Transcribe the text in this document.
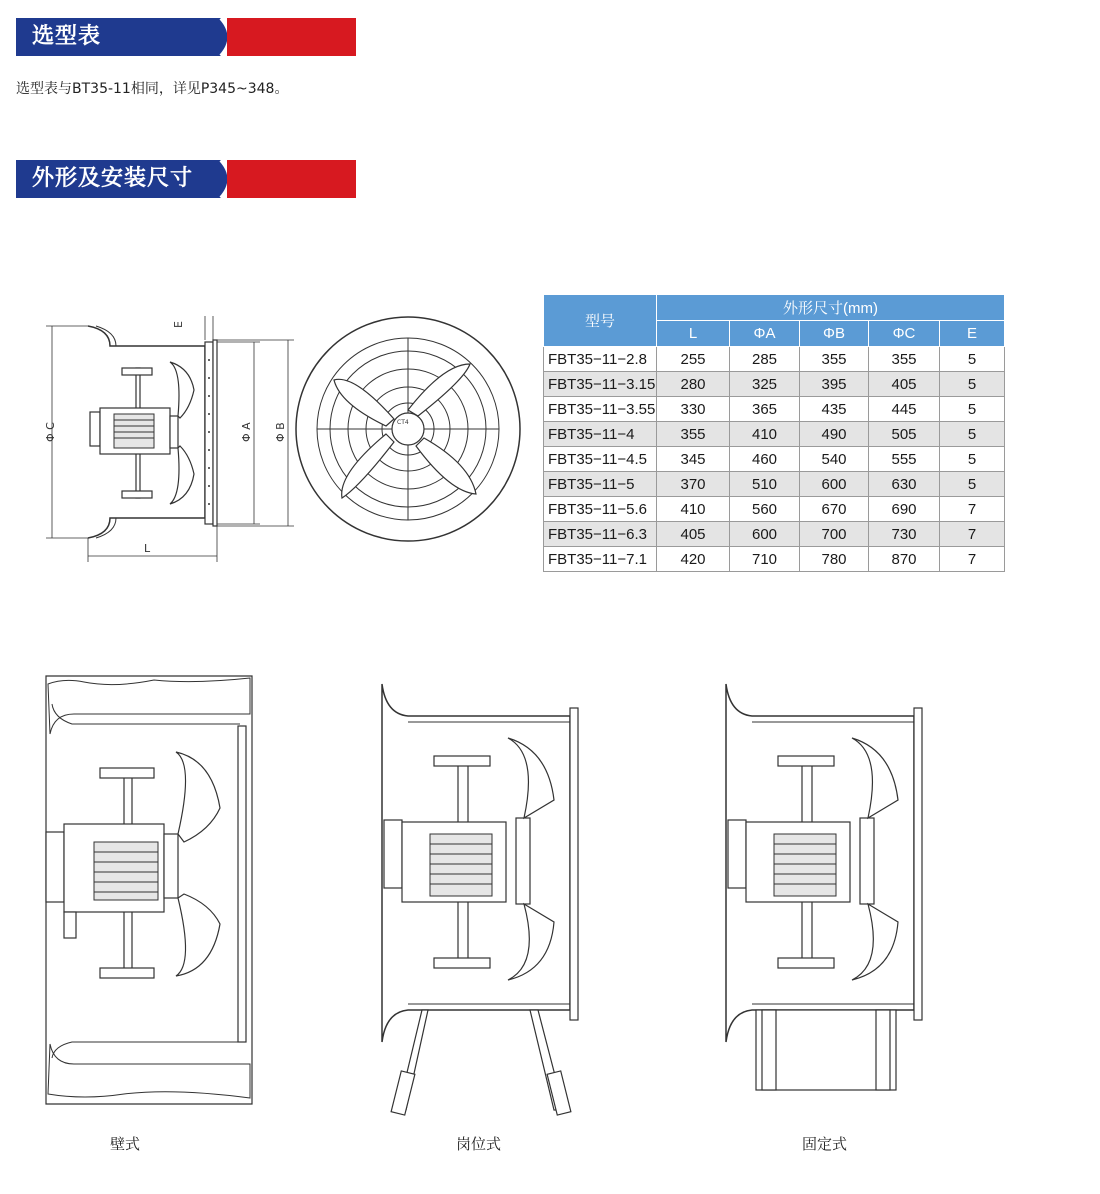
选型表
选型表与BT35-11相同，详见P345~348。
外形及安装尺寸
Φ C	Φ A Φ B
L
E
CT4
型号	外形尺寸(mm)				
	L	ΦA	ΦB	ΦC	E
FBT35−11−2.8	255	285	355	355	5
FBT35−11−3.15	280	325	395	405	5
FBT35−11−3.55	330	365	435	445	5
FBT35−11−4	355	410	490	505	5
FBT35−11−4.5	345	460	540	555	5
FBT35−11−5	370	510	600	630	5
FBT35−11−5.6	410	560	670	690	7
FBT35−11−6.3	405	600	700	730	7
FBT35−11−7.1	420	710	780	870	7
壁式	岗位式	固定式
